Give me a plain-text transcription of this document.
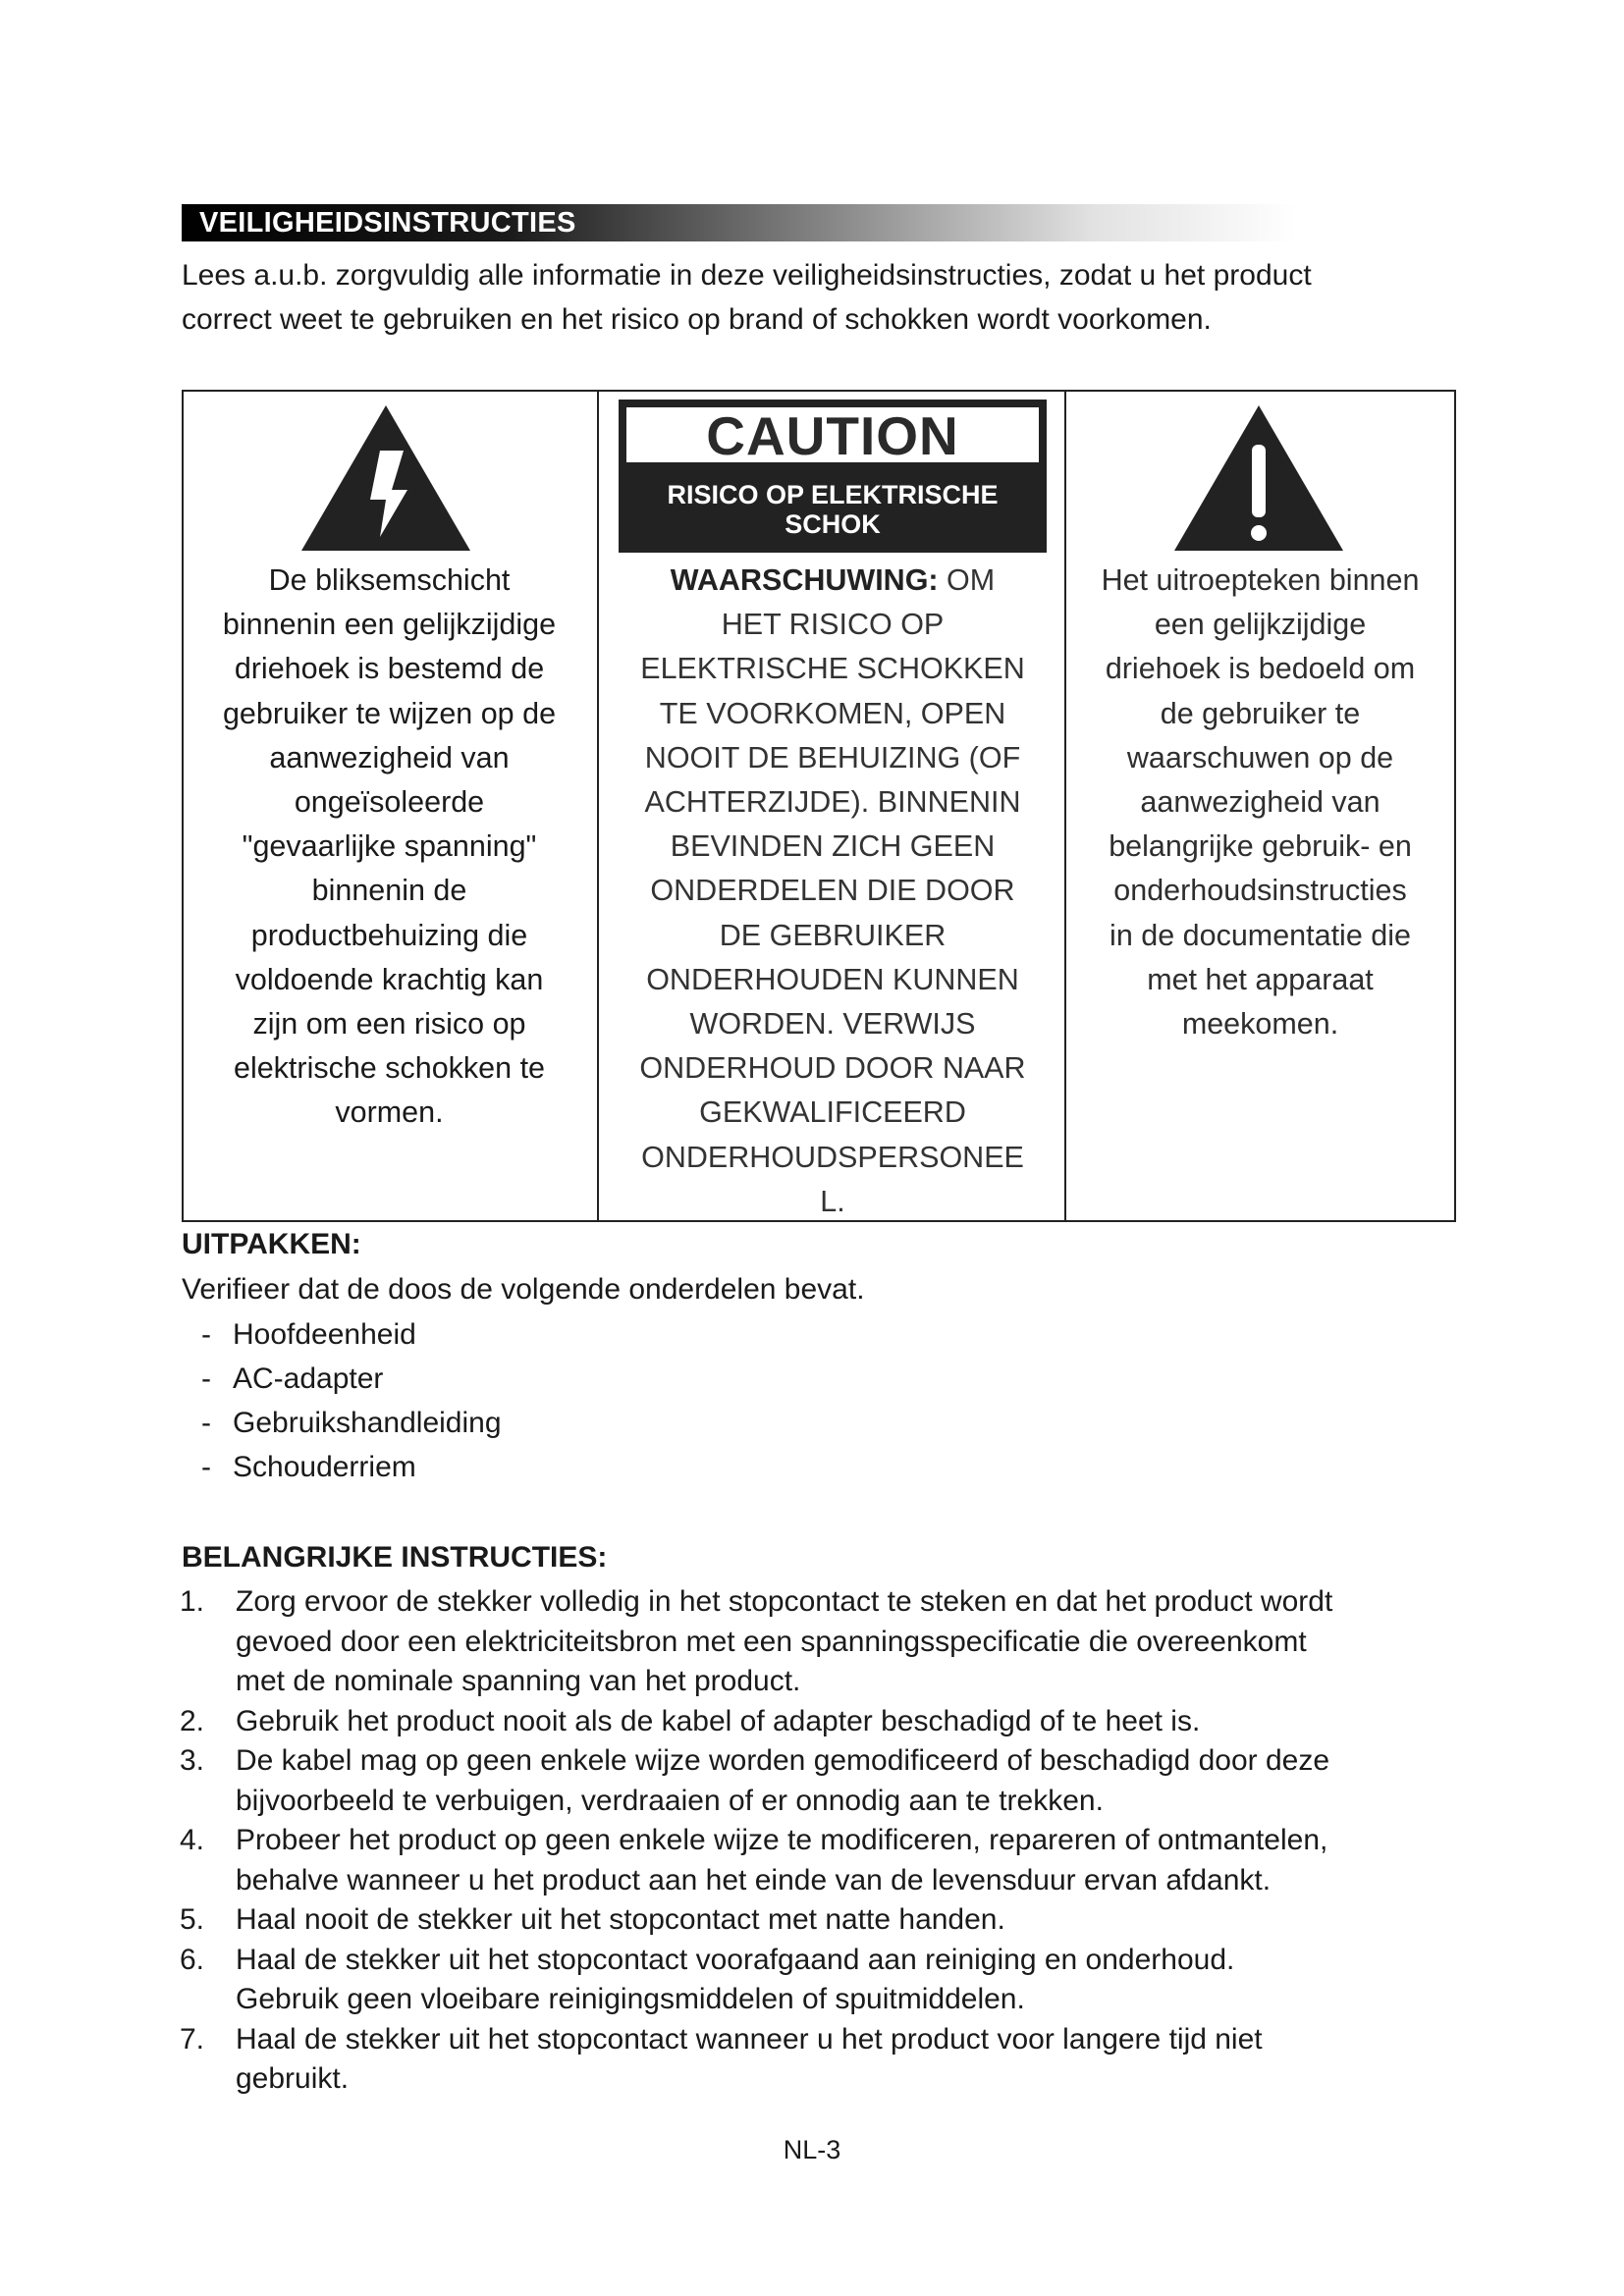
VEILIGHEIDSINSTRUCTIES

Lees a.u.b. zorgvuldig alle informatie in deze veiligheidsinstructies, zodat u het product
correct weet te gebruiken en het risico op brand of schokken wordt voorkomen.

De bliksemschicht
binnenin een gelijkzijdige
driehoek is bestemd de
gebruiker te wijzen op de
aanwezigheid van
ongeïsoleerde
"gevaarlijke spanning"
binnenin de
productbehuizing die
voldoende krachtig kan
zijn om een risico op
elektrische schokken te
vormen.

CAUTION

RISICO OP ELEKTRISCHE
SCHOK

WAARSCHUWING: OM
HET RISICO OP
ELEKTRISCHE SCHOKKEN
TE VOORKOMEN, OPEN
NOOIT DE BEHUIZING (OF
ACHTERZIJDE). BINNENIN
BEVINDEN ZICH GEEN
ONDERDELEN DIE DOOR
DE GEBRUIKER
ONDERHOUDEN KUNNEN
WORDEN. VERWIJS
ONDERHOUD DOOR NAAR
GEKWALIFICEERD
ONDERHOUDSPERSONEE
L.

Het uitroepteken binnen
een gelijkzijdige
driehoek is bedoeld om
de gebruiker te
waarschuwen op de
aanwezigheid van
belangrijke gebruik- en
onderhoudsinstructies
in de documentatie die
met het apparaat
meekomen.

UITPAKKEN:

Verifieer dat de doos de volgende onderdelen bevat.

- Hoofdeenheid
- AC-adapter
- Gebruikshandleiding
- Schouderriem
BELANGRIJKE INSTRUCTIES:
1. Zorg ervoor de stekker volledig in het stopcontact te steken en dat het product wordt
gevoed door een elektriciteitsbron met een spanningsspecificatie die overeenkomt
met de nominale spanning van het product.
2. Gebruik het product nooit als de kabel of adapter beschadigd of te heet is.
3. De kabel mag op geen enkele wijze worden gemodificeerd of beschadigd door deze
bijvoorbeeld te verbuigen, verdraaien of er onnodig aan te trekken.
4. Probeer het product op geen enkele wijze te modificeren, repareren of ontmantelen,
behalve wanneer u het product aan het einde van de levensduur ervan afdankt.
5. Haal nooit de stekker uit het stopcontact met natte handen.
6. Haal de stekker uit het stopcontact voorafgaand aan reiniging en onderhoud.
Gebruik geen vloeibare reinigingsmiddelen of spuitmiddelen.
7. Haal de stekker uit het stopcontact wanneer u het product voor langere tijd niet
gebruikt.

NL-3
